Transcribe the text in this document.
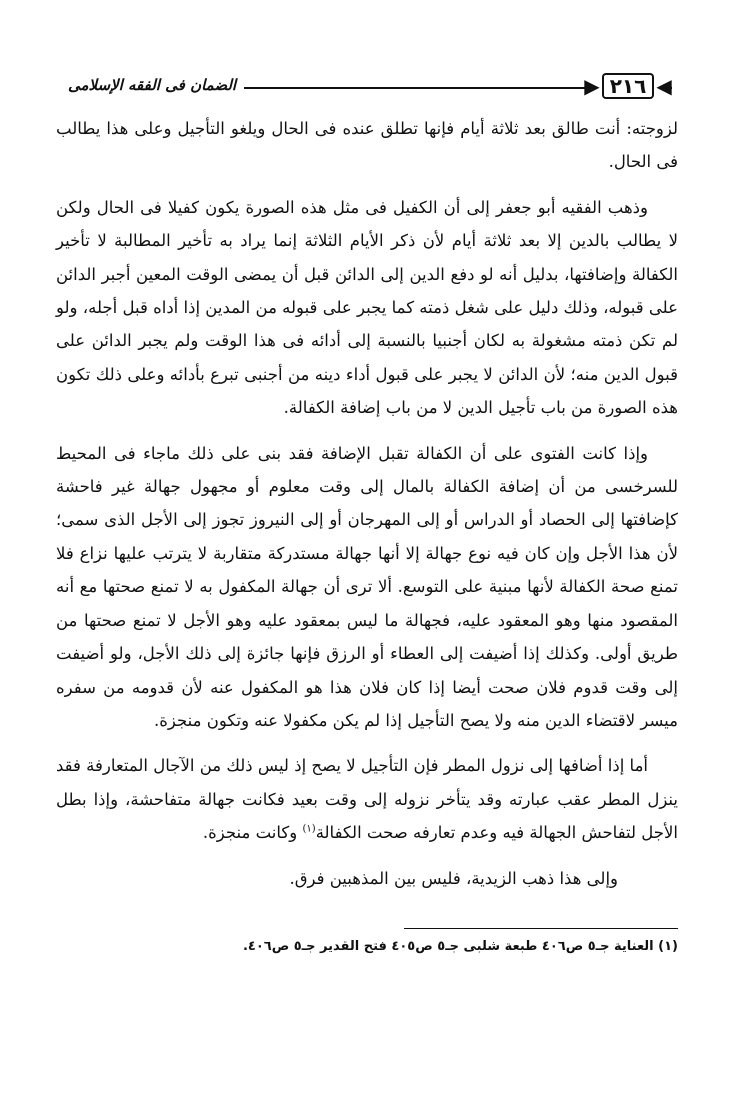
◀
٢١٦
▶
الضمان فى الفقه الإسلامى

لزوجته: أنت طالق بعد ثلاثة أيام فإنها تطلق عنده فى الحال ويلغو التأجيل وعلى هذا يطالب فى الحال.

وذهب الفقيه أبو جعفر إلى أن الكفيل فى مثل هذه الصورة يكون كفيلا فى الحال ولكن لا يطالب بالدين إلا بعد ثلاثة أيام لأن ذكر الأيام الثلاثة إنما يراد به تأخير المطالبة لا تأخير الكفالة وإضافتها، بدليل أنه لو دفع الدين إلى الدائن قبل أن يمضى الوقت المعين أجبر الدائن على قبوله، وذلك دليل على شغل ذمته كما يجبر على قبوله من المدين إذا أداه قبل أجله، ولو لم تكن ذمته مشغولة به لكان أجنبيا بالنسبة إلى أدائه فى هذا الوقت ولم يجبر الدائن على قبول الدين منه؛ لأن الدائن لا يجبر على قبول أداء دينه من أجنبى تبرع بأدائه وعلى ذلك تكون هذه الصورة من باب تأجيل الدين لا من باب إضافة الكفالة.

وإذا كانت الفتوى على أن الكفالة تقبل الإضافة فقد بنى على ذلك ماجاء فى المحيط للسرخسى من أن إضافة الكفالة بالمال إلى وقت معلوم أو مجهول جهالة غير فاحشة كإضافتها إلى الحصاد أو الدراس أو إلى المهرجان أو إلى النيروز تجوز إلى الأجل الذى سمى؛ لأن هذا الأجل وإن كان فيه نوع جهالة إلا أنها جهالة مستدركة متقاربة لا يترتب عليها نزاع فلا تمنع صحة الكفالة لأنها مبنية على التوسع. ألا ترى أن جهالة المكفول به لا تمنع صحتها مع أنه المقصود منها وهو المعقود عليه، فجهالة ما ليس بمعقود عليه وهو الأجل لا تمنع صحتها من طريق أولى. وكذلك إذا أضيفت إلى العطاء أو الرزق فإنها جائزة إلى ذلك الأجل، ولو أضيفت إلى وقت قدوم فلان صحت أيضا إذا كان فلان هذا هو المكفول عنه لأن قدومه من سفره ميسر لاقتضاء الدين منه ولا يصح التأجيل إذا لم يكن مكفولا عنه وتكون منجزة.

أما إذا أضافها إلى نزول المطر فإن التأجيل لا يصح إذ ليس ذلك من الآجال المتعارفة فقد ينزل المطر عقب عبارته وقد يتأخر نزوله إلى وقت بعيد فكانت جهالة متفاحشة، وإذا بطل الأجل لتفاحش الجهالة فيه وعدم تعارفه صحت الكفالة$^{(١)}$ وكانت منجزة.

وإلى هذا ذهب الزيدية، فليس بين المذهبين فرق.

(١) العناية جـ٥ ص٤٠٦ طبعة شلبى جـ٥ ص٤٠٥ فتح القدير جـ٥ ص٤٠٦.
